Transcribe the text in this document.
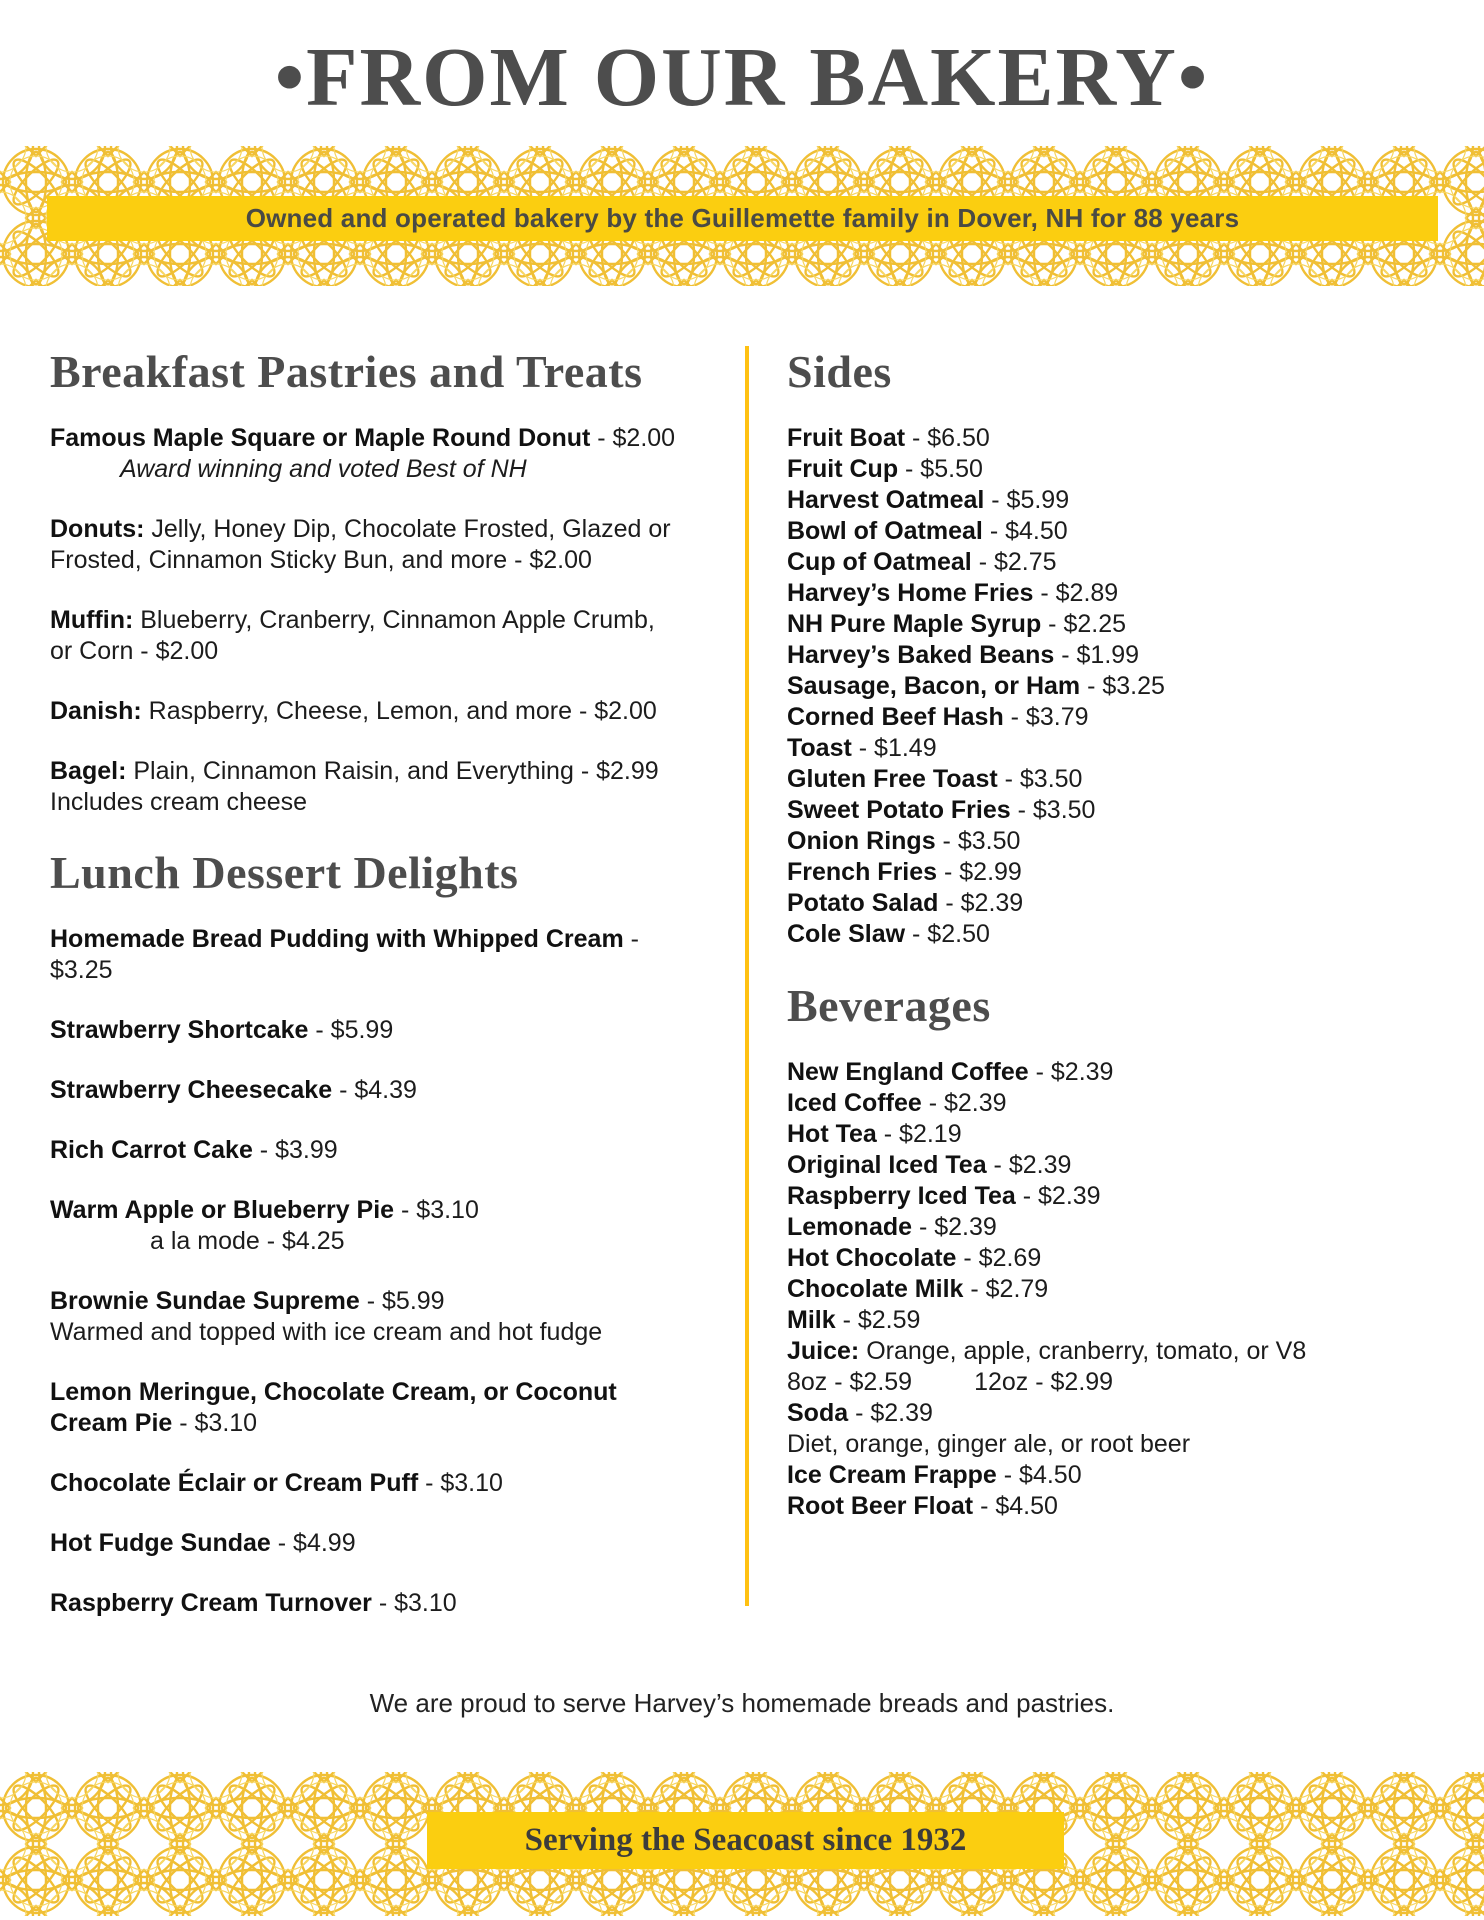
•FROM OUR BAKERY•
Owned and operated bakery by the Guillemette family in Dover, NH for 88 years
Breakfast Pastries and Treats
Famous Maple Square or Maple Round Donut - $2.00
Award winning and voted Best of NH
Donuts: Jelly, Honey Dip, Chocolate Frosted, Glazed or
Frosted, Cinnamon Sticky Bun, and more - $2.00
Muffin: Blueberry, Cranberry, Cinnamon Apple Crumb,
or Corn - $2.00
Danish: Raspberry, Cheese, Lemon, and more - $2.00
Bagel: Plain, Cinnamon Raisin, and Everything - $2.99
Includes cream cheese
Lunch Dessert Delights
Homemade Bread Pudding with Whipped Cream - $3.25
Strawberry Shortcake - $5.99
Strawberry Cheesecake - $4.39
Rich Carrot Cake - $3.99
Warm Apple or Blueberry Pie - $3.10
a la mode - $4.25
Brownie Sundae Supreme - $5.99
Warmed and topped with ice cream and hot fudge
Lemon Meringue, Chocolate Cream, or Coconut
Cream Pie - $3.10
Chocolate Éclair or Cream Puff - $3.10
Hot Fudge Sundae - $4.99
Raspberry Cream Turnover - $3.10
Sides
Fruit Boat - $6.50
Fruit Cup - $5.50
Harvest Oatmeal - $5.99
Bowl of Oatmeal - $4.50
Cup of Oatmeal - $2.75
Harvey’s Home Fries - $2.89
NH Pure Maple Syrup - $2.25
Harvey’s Baked Beans - $1.99
Sausage, Bacon, or Ham - $3.25
Corned Beef Hash - $3.79
Toast - $1.49
Gluten Free Toast - $3.50
Sweet Potato Fries - $3.50
Onion Rings - $3.50
French Fries - $2.99
Potato Salad - $2.39
Cole Slaw - $2.50
Beverages
New England Coffee - $2.39
Iced Coffee - $2.39
Hot Tea - $2.19
Original Iced Tea - $2.39
Raspberry Iced Tea - $2.39
Lemonade - $2.39
Hot Chocolate - $2.69
Chocolate Milk - $2.79
Milk - $2.59
Juice: Orange, apple, cranberry, tomato, or V8
8oz - $2.59 12oz - $2.99
Soda - $2.39
Diet, orange, ginger ale, or root beer
Ice Cream Frappe - $4.50
Root Beer Float - $4.50

We are proud to serve Harvey’s homemade breads and pastries.

Serving the Seacoast since 1932
